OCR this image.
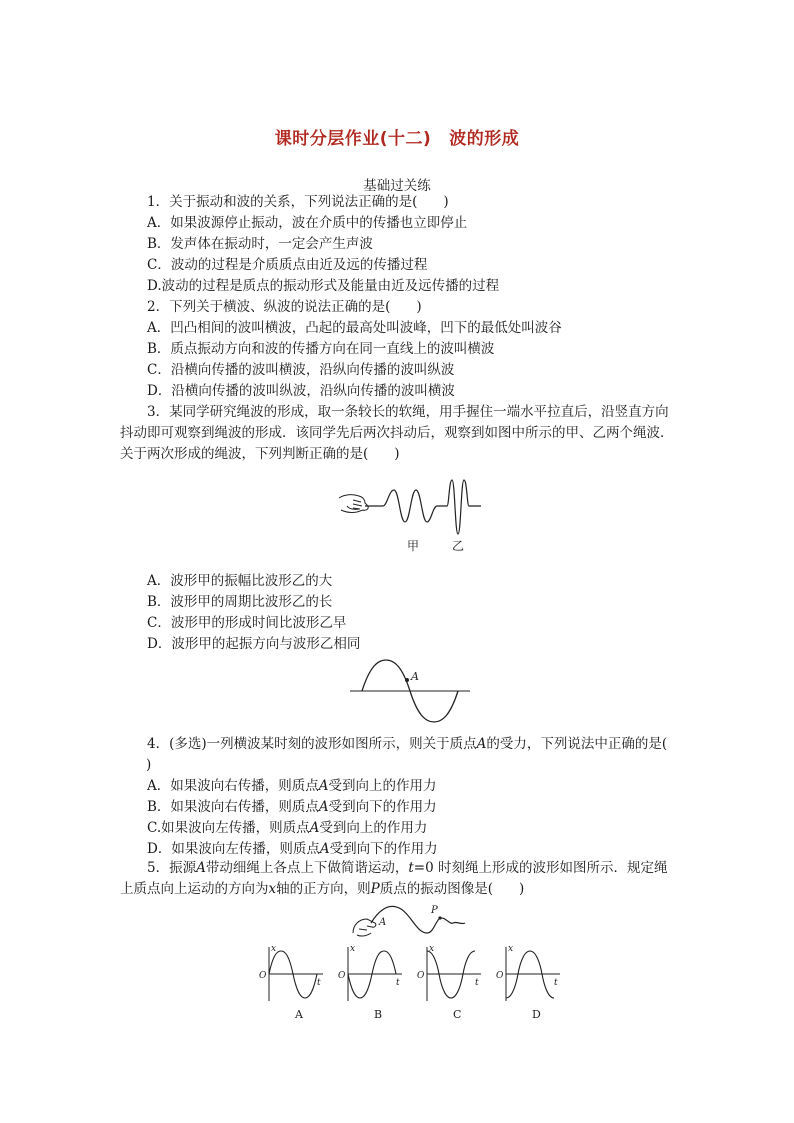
课时分层作业(十二) 波的形成
基础过关练
1．关于振动和波的关系，下列说法正确的是( )
A．如果波源停止振动，波在介质中的传播也立即停止
B．发声体在振动时，一定会产生声波
C．波动的过程是介质质点由近及远的传播过程
D.波动的过程是质点的振动形式及能量由近及远传播的过程
2．下列关于横波、纵波的说法正确的是( )
A．凹凸相间的波叫横波，凸起的最高处叫波峰，凹下的最低处叫波谷
B．质点振动方向和波的传播方向在同一直线上的波叫横波
C．沿横向传播的波叫横波，沿纵向传播的波叫纵波
D．沿横向传播的波叫纵波，沿纵向传播的波叫横波
3．某同学研究绳波的形成，取一条较长的软绳，用手握住一端水平拉直后，沿竖直方向抖动即可观察到绳波的形成．该同学先后两次抖动后，观察到如图中所示的甲、乙两个绳波．关于两次形成的绳波，下列判断正确的是( )
甲	乙
A．波形甲的振幅比波形乙的大
B．波形甲的周期比波形乙的长
C．波形甲的形成时间比波形乙早
D．波形甲的起振方向与波形乙相同
A
4．(多选)一列横波某时刻的波形如图所示，则关于质点A的受力，下列说法中正确的是()
A．如果波向右传播，则质点A受到向上的作用力
B．如果波向右传播，则质点A受到向下的作用力
C.如果波向左传播，则质点A受到向上的作用力
D．如果波向左传播，则质点A受到向下的作用力
5．振源A带动细绳上各点上下做简谐运动，t=0 时刻绳上形成的波形如图所示．规定绳上质点向上运动的方向为x轴的正方向，则P质点的振动图像是( )
A
P
x
t
O
A
x
t
O
B
x
t
O
C
x
t
O
D
